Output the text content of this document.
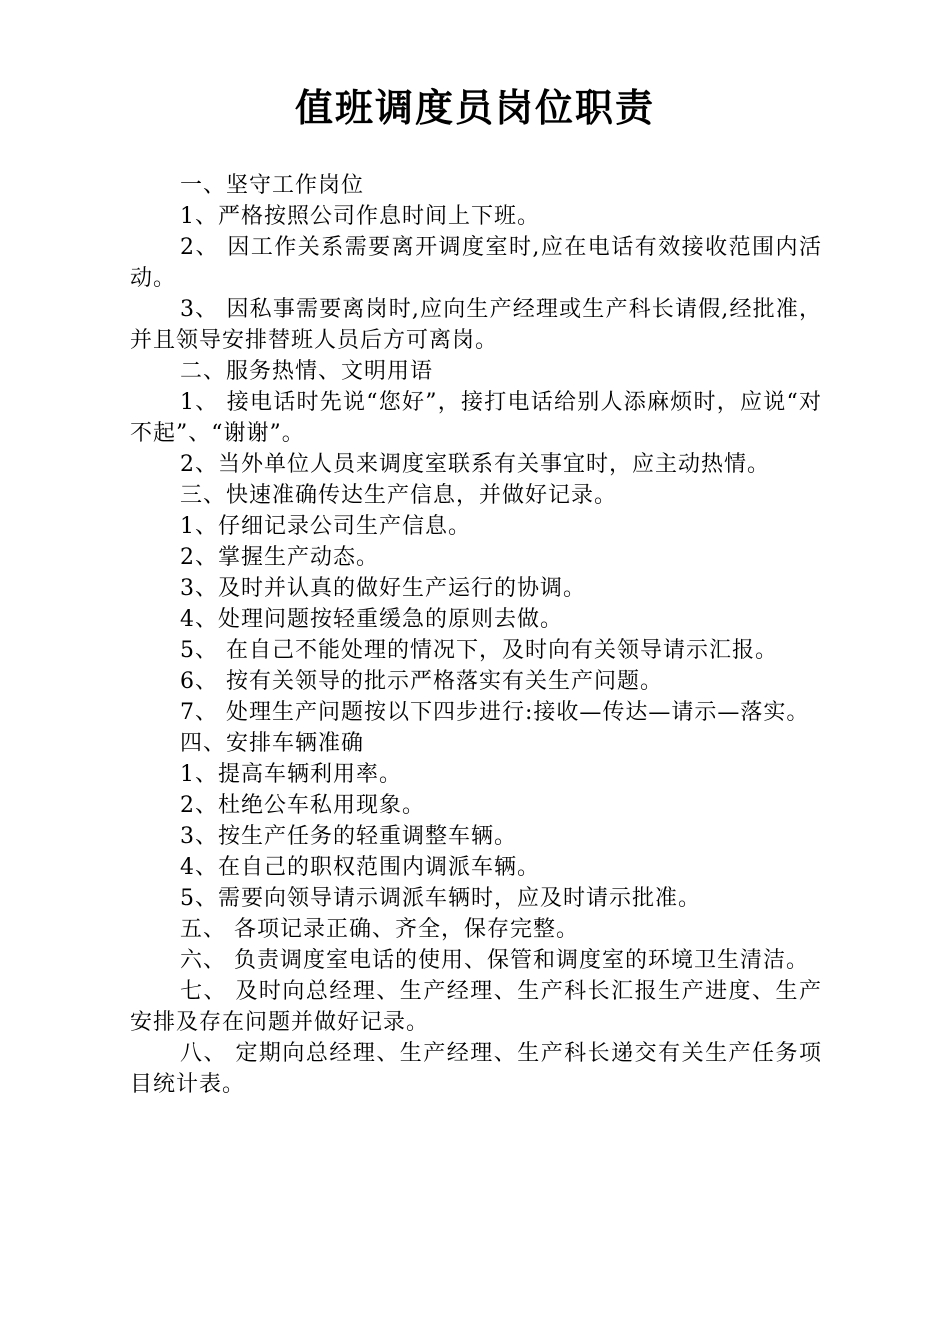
值班调度员岗位职责

一、坚守工作岗位

1、严格按照公司作息时间上下班。

2、 因工作关系需要离开调度室时,应在电话有效接收范围内活动。

3、 因私事需要离岗时,应向生产经理或生产科长请假,经批准，并且领导安排替班人员后方可离岗。

二、服务热情、文明用语

1、 接电话时先说“您好”，接打电话给别人添麻烦时，应说“对不起”、“谢谢”。

2、当外单位人员来调度室联系有关事宜时，应主动热情。

三、快速准确传达生产信息，并做好记录。

1、仔细记录公司生产信息。

2、掌握生产动态。

3、及时并认真的做好生产运行的协调。

4、处理问题按轻重缓急的原则去做。

5、 在自己不能处理的情况下，及时向有关领导请示汇报。

6、 按有关领导的批示严格落实有关生产问题。

7、 处理生产问题按以下四步进行:接收—传达—请示—落实。

四、安排车辆准确

1、提高车辆利用率。

2、杜绝公车私用现象。

3、按生产任务的轻重调整车辆。

4、在自己的职权范围内调派车辆。

5、需要向领导请示调派车辆时，应及时请示批准。

五、 各项记录正确、齐全，保存完整。

六、 负责调度室电话的使用、保管和调度室的环境卫生清洁。

七、 及时向总经理、生产经理、生产科长汇报生产进度、生产安排及存在问题并做好记录。

八、 定期向总经理、生产经理、生产科长递交有关生产任务项目统计表。
